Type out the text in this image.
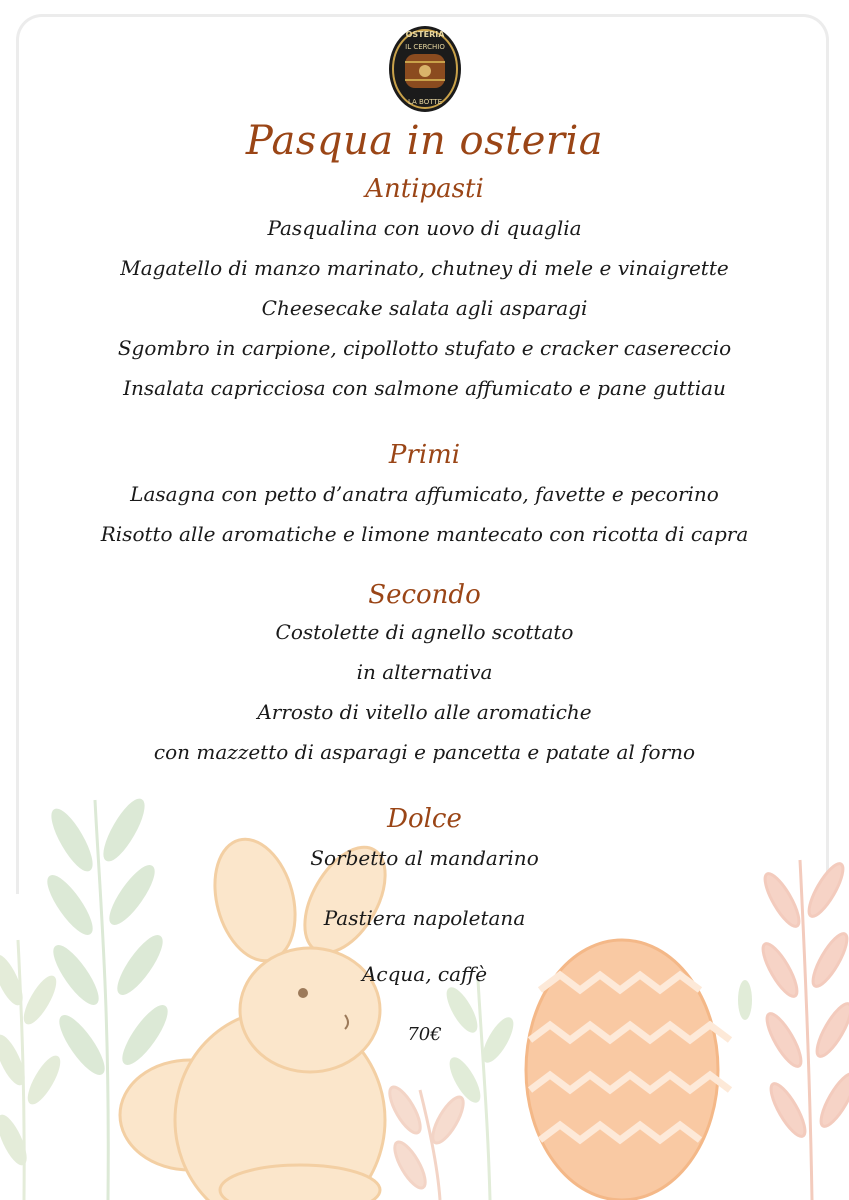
OSTERIA
IL CERCHIO
LA BOTTE
Pasqua in osteria
Antipasti
Pasqualina con uovo di quaglia
Magatello di manzo marinato, chutney di mele e vinaigrette
Cheesecake salata agli asparagi
Sgombro in carpione, cipollotto stufato e cracker casereccio
Insalata capricciosa con salmone affumicato e pane guttiau
Primi
Lasagna con petto d’anatra affumicato, favette e pecorino
Risotto alle aromatiche e limone mantecato con ricotta di capra
Secondo
Costolette di agnello scottato
in alternativa
Arrosto di vitello alle aromatiche
con mazzetto di asparagi e pancetta e patate al forno
Dolce
Sorbetto al mandarino
Pastiera napoletana
Acqua, caffè
70€
